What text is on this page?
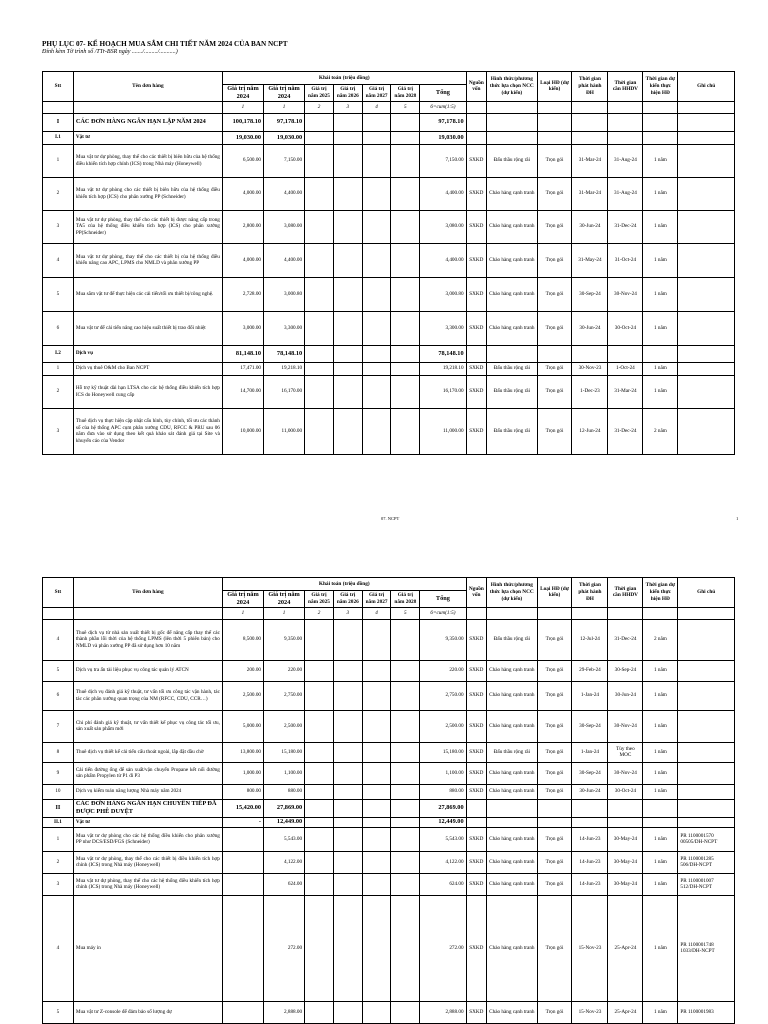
PHỤ LỤC 07- KẾ HOẠCH MUA SẮM CHI TIẾT NĂM 2024 CỦA BAN NCPT
Đính kèm Tờ trình số /TTr-BSR ngày ......./........./...........)
Stt	Tên đơn hàng	Khái toán (triệu đồng)							Nguồn vốn	Hình thức/phương thức lựa chọn NCC (dự kiến)	Loại HĐ (dự kiến)	Thời gian phát hành ĐH	Thời gian cần HHDV	Thời gian dự kiến thực hiện HĐ	Ghi chú
		Giá trị năm 2024	Giá trị năm 2024	Giá trị năm 2025	Giá trị năm 2026	Giá trị năm 2027	Giá trị năm 2028	Tổng							
		1	1	2	3	4	5	6=cum(1:5)							
I	CÁC ĐƠN HÀNG NGẮN HẠN LẬP NĂM 2024	100,178.10	97,178.10					97,178.10							
I.1	Vật tư	19,030.00	19,030.00					19,030.00							
1	Mua vật tư dự phòng, thay thế cho các thiết bị biên hữu của hệ thống điều khiển tích hợp chính (ICS) trong Nhà máy (Honeywell)	6,500.00	7,150.00					7,150.00	SXKD	Đấu thầu rộng rãi	Trọn gói	31-Mar-24	31-Aug-24	1 năm	
2	Mua vật tư dự phòng cho các thiết bị biên hữu của hệ thống điều khiển tích hợp (ICS) cho phân xưởng PP (Schneider)	4,000.00	4,400.00					4,400.00	SXKD	Chào hàng cạnh tranh	Trọn gói	31-Mar-24	31-Aug-24	1 năm	
3	Mua vật tư dự phòng, thay thế cho các thiết bị được nâng cấp trong TA5 của hệ thống điều khiển tích hợp (ICS) cho phân xưởng PP(Schneider)	2,800.00	3,080.00					3,080.00	SXKD	Chào hàng cạnh tranh	Trọn gói	30-Jun-24	31-Dec-24	1 năm	
4	Mua vật tư dự phòng, thay thế cho các thiết bị của hệ thống điều khiển nâng cao APC, LPMS cho NMLD và phân xưởng PP	4,000.00	4,400.00					4,400.00	SXKD	Chào hàng cạnh tranh	Trọn gói	31-May-24	31-Oct-24	1 năm	
5	Mua sắm vật tư để thực hiện các cải tiến/tối ưu thiết bị/công nghệ.	2,728.00	3,000.80					3,000.80	SXKD	Chào hàng cạnh tranh	Trọn gói	30-Sep-24	30-Nov-24	1 năm	
6	Mua vật tư để cải tiến nâng cao hiệu suất thiết bị trao đổi nhiệt	3,000.00	3,300.00					3,300.00	SXKD	Chào hàng cạnh tranh	Trọn gói	30-Jun-24	30-Oct-24	1 năm	
I.2	Dịch vụ	81,148.10	78,148.10					78,148.10							
1	Dịch vụ thuê O&M cho Ban NCPT	17,471.00	19,218.10					19,218.10	SXKD	Đấu thầu rộng rãi	Trọn gói	30-Nov-23	1-Oct-24	1 năm	
2	Hỗ trợ kỹ thuật dài hạn LTSA cho các hệ thống điều khiển tích hợp ICS do Honeywell cung cấp	14,700.00	16,170.00					16,170.00	SXKD	Đấu thầu rộng rãi	Trọn gói	1-Dec-23	31-Mar-24	1 năm	
3	Thuê dịch vụ thực hiện cập nhật cấu hình, tùy chỉnh, tối ưu các thành số của hệ thống APC cụm phân xưởng CDU, RFCC & PRU sau 06 năm đưa vào sử dụng theo kết quả khảo sát đánh giá tại Site và khuyến cáo của Vendor	10,000.00	11,000.00					11,000.00	SXKD	Đấu thầu rộng rãi	Trọn gói	12-Jun-24	31-Dec-24	2 năm	
07. NCPT	1
Stt	Tên đơn hàng	Khái toán (triệu đồng)							Nguồn vốn	Hình thức/phương thức lựa chọn NCC (dự kiến)	Loại HĐ (dự kiến)	Thời gian phát hành ĐH	Thời gian cần HHDV	Thời gian dự kiến thực hiện HĐ	Ghi chú
		Giá trị năm 2024	Giá trị năm 2024	Giá trị năm 2025	Giá trị năm 2026	Giá trị năm 2027	Giá trị năm 2028	Tổng							
		1	1	2	3	4	5	6=cum(1:5)							
4	Thuê dịch vụ từ nhà sản xuất thiết bị gốc để nâng cấp thay thế các thành phần lỗi thời của hệ thống LPMS (lên thời 5 phiên bản) cho NMLD và phân xưởng PP đã sử dụng hơn 10 năm	8,500.00	9,350.00					9,350.00	SXKD	Đấu thầu rộng rãi	Trọn gói	12-Jul-24	31-Dec-24	2 năm	
5	Dịch vụ tra ấn tài liệu phục vụ công tác quản lý ATCN	200.00	220.00					220.00	SXKD	Chào hàng cạnh tranh	Trọn gói	29-Feb-24	30-Sep-24	1 năm	
6	Thuê dịch vụ đánh giá kỹ thuật, tư vấn tối ưu công tác vận hành, tác tác các phân xưởng quan trọng của NM (RFCC, CDU, CCR…)	2,500.00	2,750.00					2,750.00	SXKD	Chào hàng cạnh tranh	Trọn gói	1-Jan-24	30-Jun-24	1 năm	
7	Chi phí đánh giá kỹ thuật, tư vấn thiết kế phục vụ công tác tối ưu, sản xuất sản phẩm mới	5,000.00	2,500.00					2,500.00	SXKD	Chào hàng cạnh tranh	Trọn gói	30-Sep-24	30-Nov-24	1 năm	
8	Thuê dịch vụ thiết kế cải tiến cấu thoát ngoài, lắp đặt dầu chờ	13,800.00	15,180.00					15,180.00	SXKD	Đấu thầu rộng rãi	Trọn gói	1-Jan-24	Tùy theo MOC	1 năm	
9	Cải tiến đường ống để sản xuất/vận chuyển Propane kết nối đường sản phẩm Propylen từ P1 đi P3	1,000.00	1,100.00					1,100.00	SXKD	Chào hàng cạnh tranh	Trọn gói	30-Sep-24	30-Nov-24	1 năm	
10	Dịch vụ kiểm toán năng lượng Nhà máy năm 2024	800.00	880.00					880.00	SXKD	Chào hàng cạnh tranh	Trọn gói	30-Jun-24	30-Oct-24	1 năm	
II	CÁC ĐƠN HÀNG NGẮN HẠN CHUYỂN TIẾP ĐÃ ĐƯỢC PHÊ DUYỆT	15,420.00	27,869.00					27,869.00							
II.1	Vật tư	-	12,449.00					12,449.00							
1	Mua vật tư dự phòng cho các hệ thống điều khiển cho phân xưởng PP như DCS/ESD/FGS (Schneider)		5,543.00					5,543.00	SXKD	Chào hàng cạnh tranh	Trọn gói	14-Jun-23	30-May-24	1 năm	PR 1100001570 00505/DH-NCPT
2	Mua vật tư dự phòng, thay thế cho các thiết bị điều khiển tích hợp chính (ICS) trong Nhà máy (Honeywell)		4,122.00					4,122.00	SXKD	Chào hàng cạnh tranh	Trọn gói	14-Jun-23	30-May-24	1 năm	PR 1100001285 506/DH-NCPT
3	Mua vật tư dự phòng, thay thế cho các hệ thống điều khiển tích hợp chính (ICS) trong Nhà máy (Honeywell)		624.00					624.00	SXKD	Chào hàng cạnh tranh	Trọn gói	14-Jun-23	30-May-24	1 năm	PR 1100001007 512/DH-NCPT
4	Mua máy in		272.00					272.00	SXKD	Chào hàng cạnh tranh	Trọn gói	15-Nov-23	25-Apr-24	1 năm	PR 1100001748 1033/DH-NCPT
5	Mua vật tư Z-console để đảm bảo số lượng dự		2,888.00					2,888.00	SXKD	Chào hàng cạnh tranh	Trọn gói	15-Nov-23	25-Apr-24	1 năm	PR 1100001983
